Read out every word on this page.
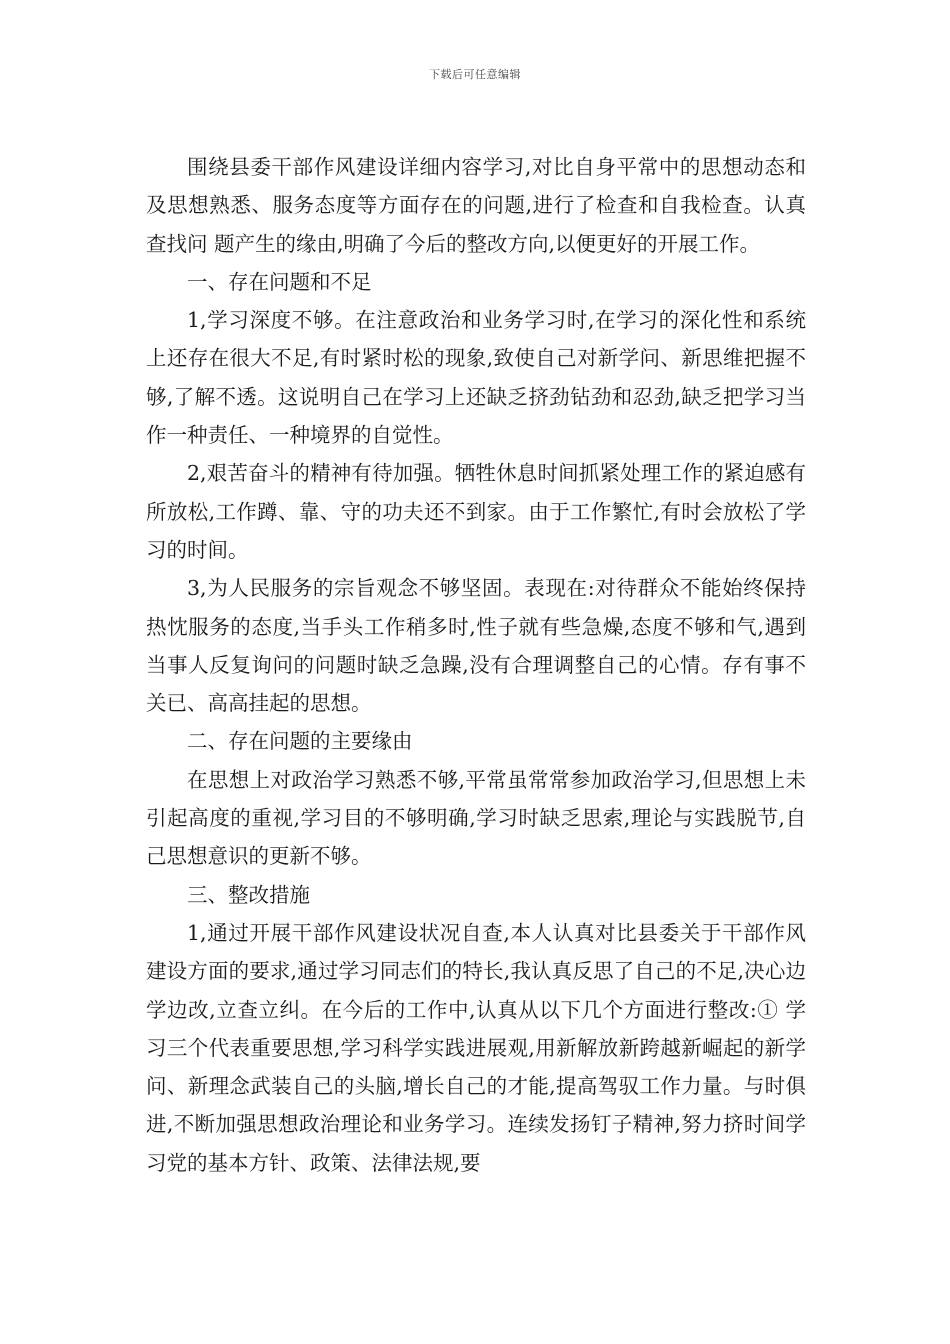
下载后可任意编辑

围绕县委干部作风建设详细内容学习,对比自身平常中的思想动态和及思想熟悉、服务态度等方面存在的问题,进行了检查和自我检查。认真查找问 题产生的缘由,明确了今后的整改方向,以便更好的开展工作。

一、存在问题和不足

1,学习深度不够。在注意政治和业务学习时,在学习的深化性和系统上还存在很大不足,有时紧时松的现象,致使自己对新学问、新思维把握不够,了解不透。这说明自己在学习上还缺乏挤劲钻劲和忍劲,缺乏把学习当作一种责任、一种境界的自觉性。

2,艰苦奋斗的精神有待加强。牺牲休息时间抓紧处理工作的紧迫感有所放松,工作蹲、靠、守的功夫还不到家。由于工作繁忙,有时会放松了学习的时间。

3,为人民服务的宗旨观念不够坚固。表现在:对待群众不能始终保持热忱服务的态度,当手头工作稍多时,性子就有些急燥,态度不够和气,遇到当事人反复询问的问题时缺乏急躁,没有合理调整自己的心情。存有事不关已、高高挂起的思想。

二、存在问题的主要缘由

在思想上对政治学习熟悉不够,平常虽常常参加政治学习,但思想上未引起高度的重视,学习目的不够明确,学习时缺乏思索,理论与实践脱节,自己思想意识的更新不够。

三、整改措施

1,通过开展干部作风建设状况自查,本人认真对比县委关于干部作风建设方面的要求,通过学习同志们的特长,我认真反思了自己的不足,决心边学边改,立查立纠。在今后的工作中,认真从以下几个方面进行整改:① 学习三个代表重要思想,学习科学实践进展观,用新解放新跨越新崛起的新学问、新理念武装自己的头脑,增长自己的才能,提高驾驭工作力量。与时俱进,不断加强思想政治理论和业务学习。连续发扬钉子精神,努力挤时间学习党的基本方针、政策、法律法规,要
